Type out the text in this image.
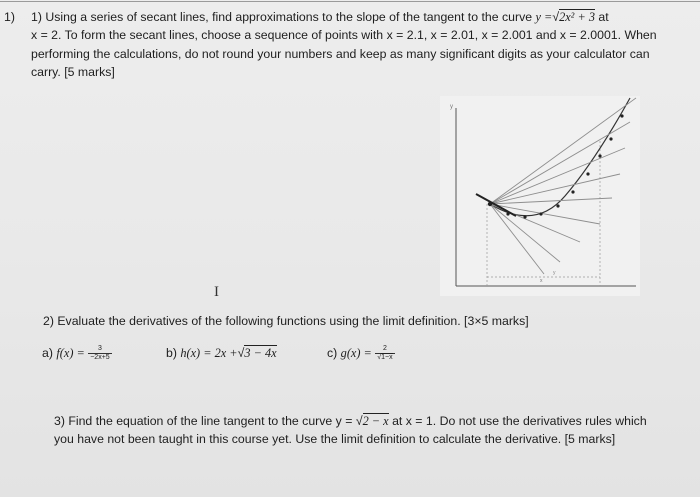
1) 1) Using a series of secant lines, find approximations to the slope of the tangent to the curve y =√2x² + 3 at
x = 2. To form the secant lines, choose a sequence of points with x = 2.1, x = 2.01, x = 2.001 and x = 2.0001. When
performing the calculations, do not round your numbers and keep as many significant digits as your calculator can
carry. [5 marks]
I
y
x
y
2) Evaluate the derivatives of the following functions using the limit definition. [3×5 marks]
a) $f(x) = \frac{3}{-2x+5}$	b) h(x) = 2x +√3 − 4x	c) $g(x) = \frac{2}{√1-x}$
3) Find the equation of the line tangent to the curve y = √2 − x at x = 1. Do not use the derivatives rules which
you have not been taught in this course yet. Use the limit definition to calculate the derivative. [5 marks]
